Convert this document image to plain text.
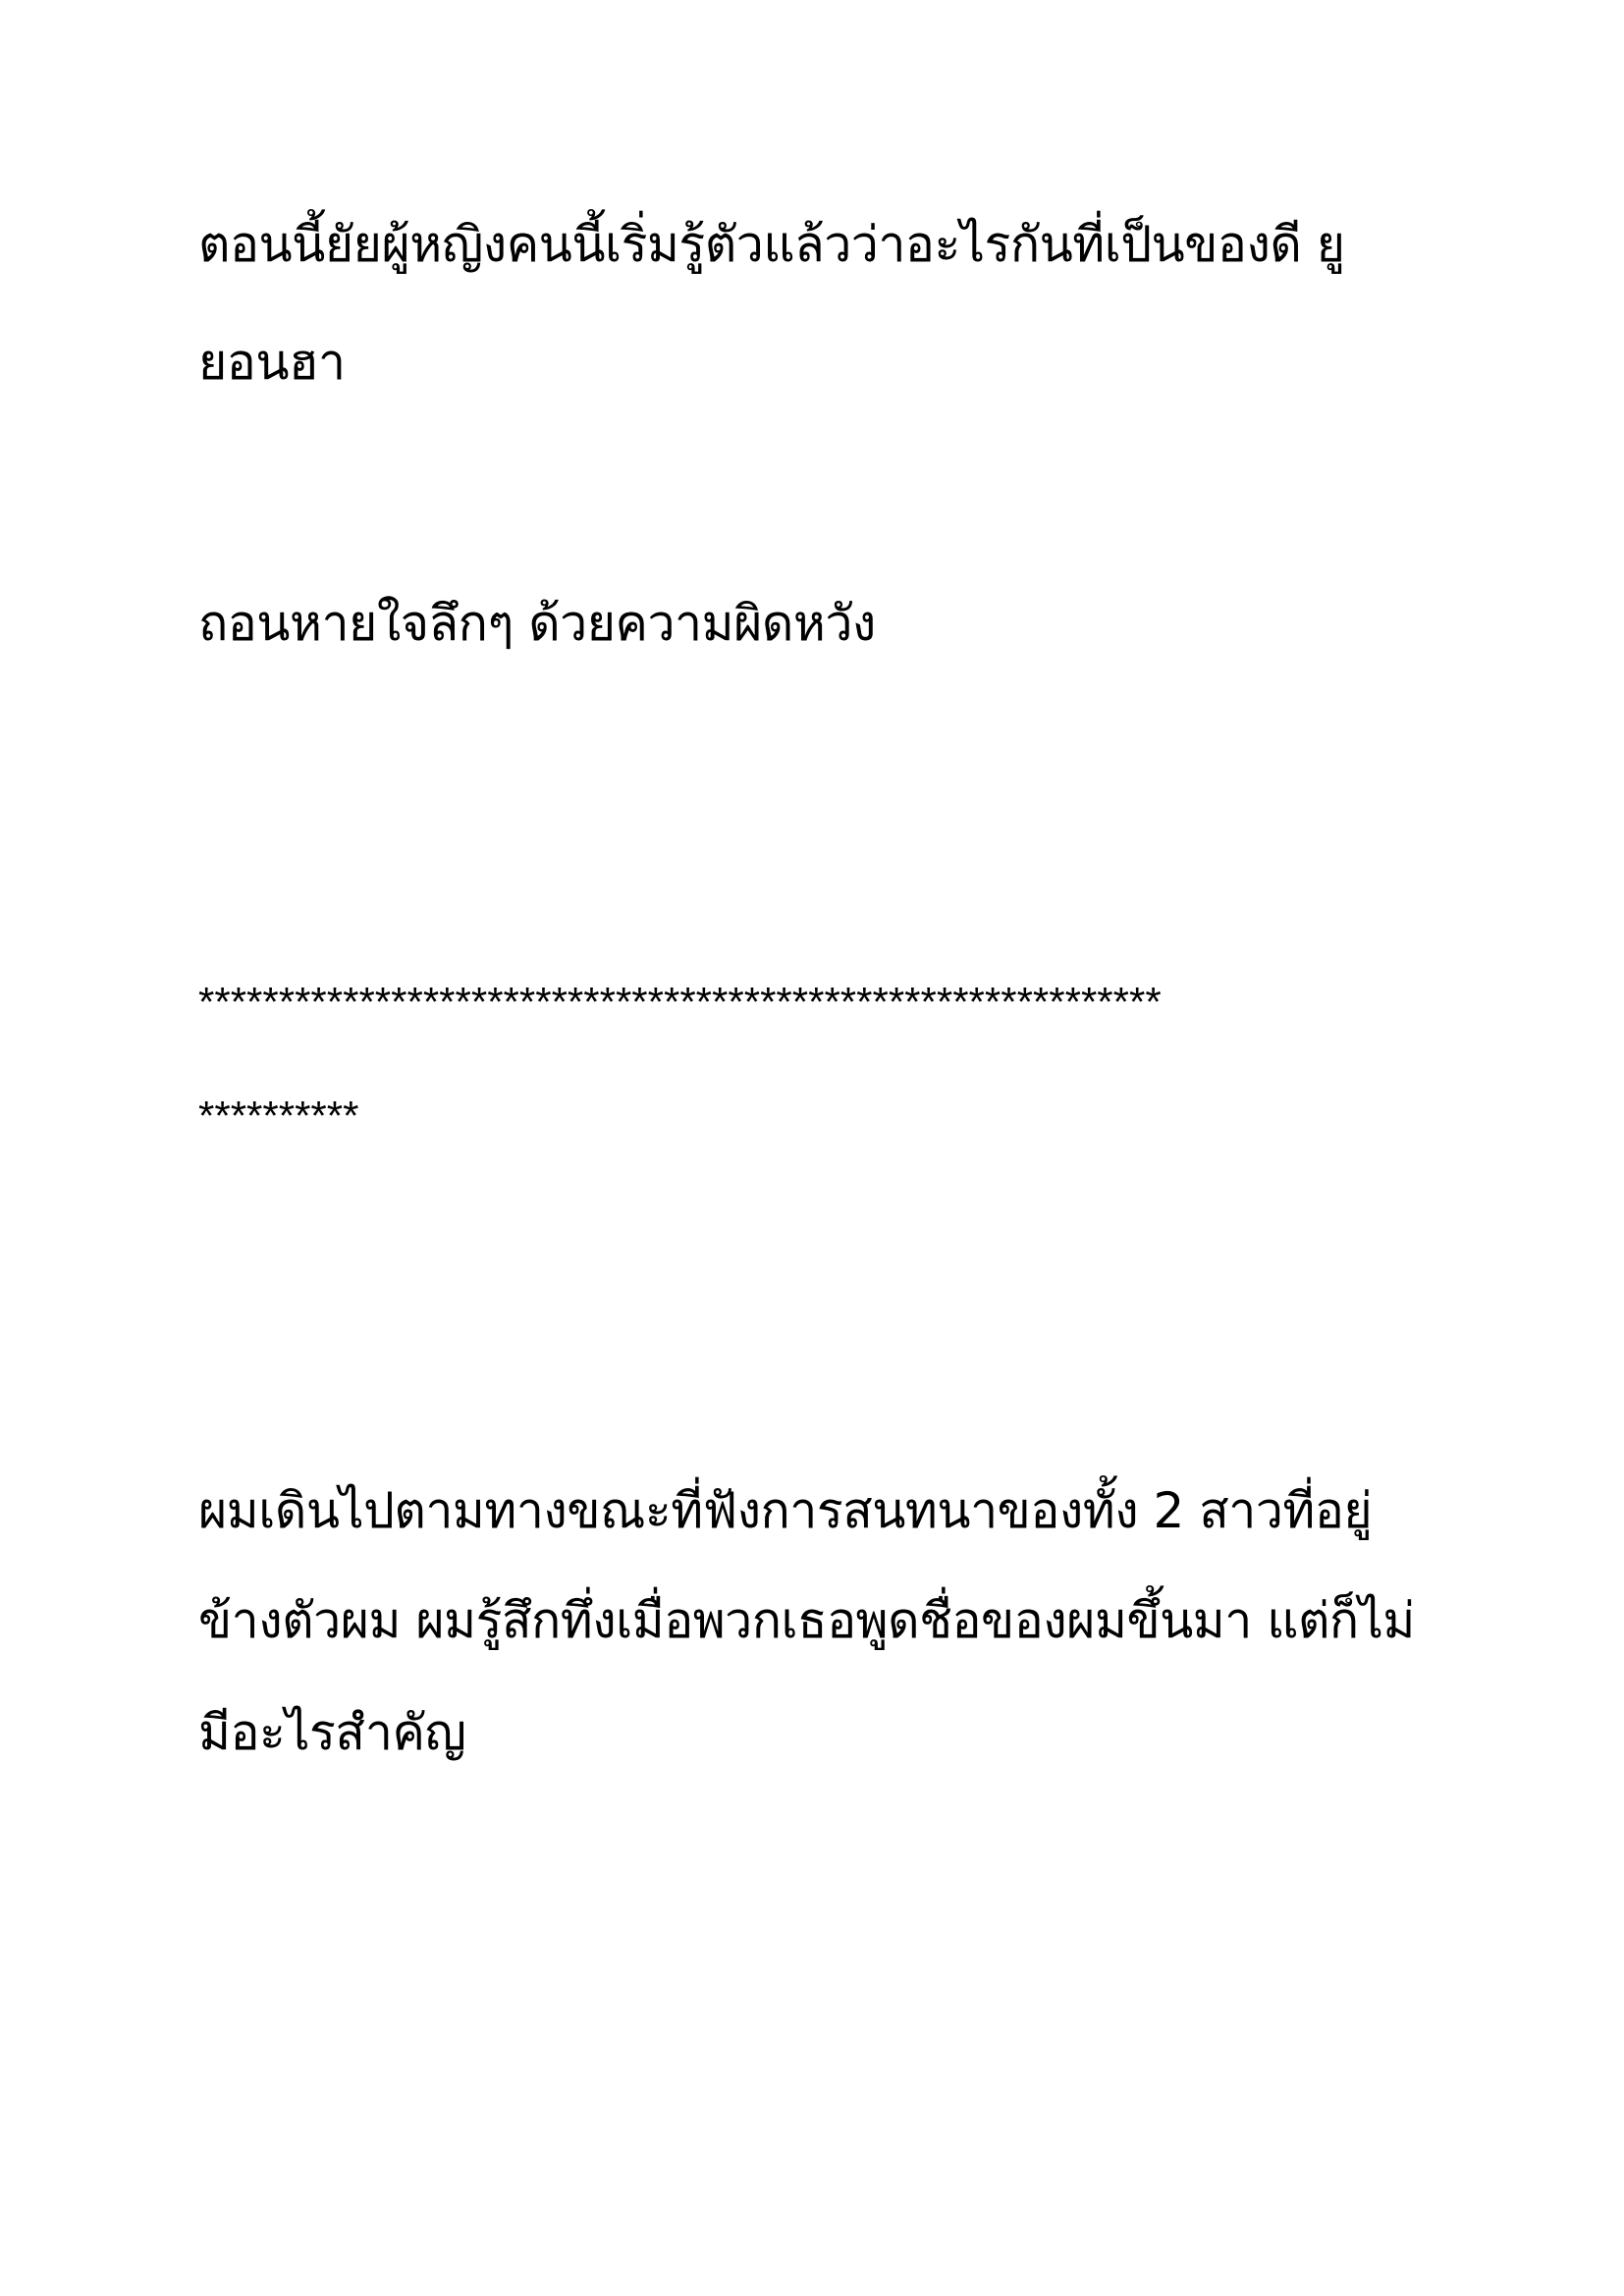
ตอนนี้ยัยผู้หญิงคนนี้เริ่มรู้ตัวแล้วว่าอะไรกันที่เป็นของดี ยู

ยอนฮา

ถอนหายใจลึกๆ ด้วยความผิดหวัง

************************************************************

**********

ผมเดินไปตามทางขณะที่ฟังการสนทนาของทั้ง 2 สาวที่อยู่

ข้างตัวผม ผมรู้สึกทึ่งเมื่อพวกเธอพูดชื่อของผมขึ้นมา แต่ก็ไม่

มีอะไรสำคัญ
